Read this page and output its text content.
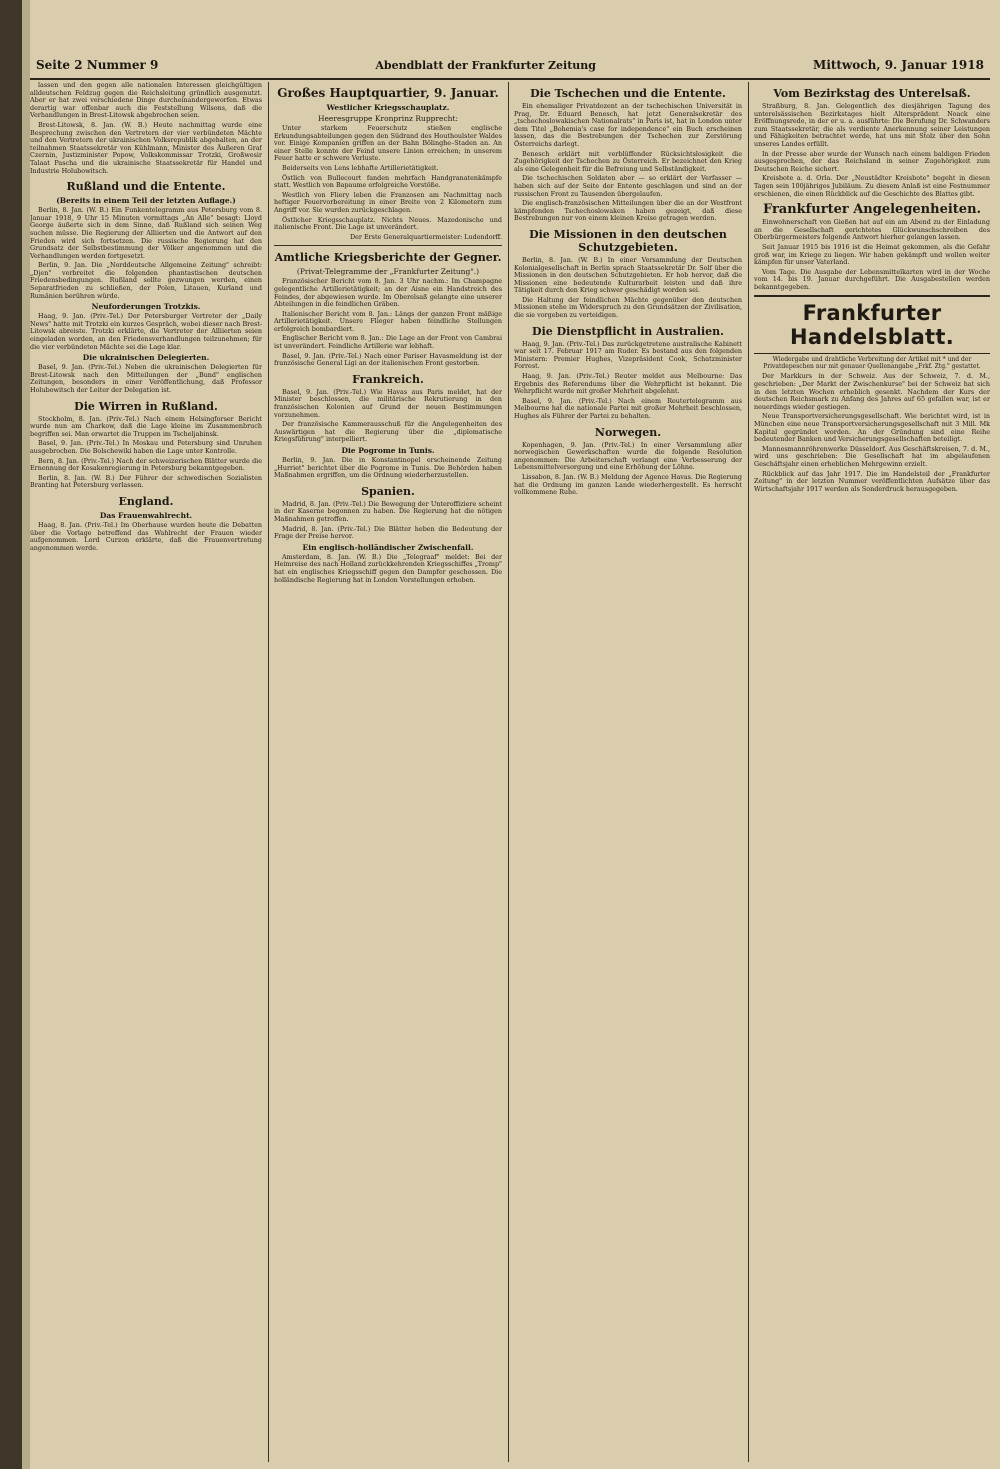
Seite 2 Nummer 9	Abendblatt der Frankfurter Zeitung	Mittwoch, 9. Januar 1918

lassen und den gegen alle nationalen Interessen gleichgültigen alldeutschen Feldzug gegen die Reichsleitung gründlich ausgenutzt. Aber er hat zwei verschiedene Dinge durcheinandergeworfen. Etwas derartig war offenbar auch die Feststellung Wilsons, daß die Verhandlungen in Brest-Litowsk abgebrochen seien.

Brest-Litowsk, 8. Jan. (W. B.) Heute nachmittag wurde eine Besprechung zwischen den Vertretern der vier verbündeten Mächte und den Vertretern der ukrainischen Volksrepublik abgehalten, an der teilnahmen Staatssekretär von Kühlmann, Minister des Äußeren Graf Czernin, Justizminister Popow, Volkskommissar Trotzki, Großwesir Talaat Pascha und die ukrainische Staatssekretär für Handel und Industrie Holubowitsch.

Rußland und die Entente.
(Bereits in einem Teil der letzten Auflage.)

Berlin, 8. Jan. (W. B.) Ein Funkentelegramm aus Petersburg vom 8. Januar 1918, 9 Uhr 15 Minuten vormittags „An Alle" besagt: Lloyd George äußerte sich in dem Sinne, daß Rußland sich seinen Weg suchen müsse. Die Regierung der Alliierten und die Antwort auf den Frieden wird sich fortsetzen. Die russische Regierung hat den Grundsatz der Selbstbestimmung der Völker angenommen und die Verhandlungen werden fortgesetzt.

Berlin, 9. Jan. Die „Norddeutsche Allgemeine Zeitung" schreibt: „Djen" verbreitet die folgenden phantastischen deutschen Friedensbedingungen. Rußland sollte gezwungen werden, einen Separatfrieden zu schließen, der Polen, Litauen, Kurland und Rumänien berühren würde.

Neuforderungen Trotzkis.

Haag, 9. Jan. (Priv.-Tel.) Der Petersburger Vertreter der „Daily News" hatte mit Trotzki ein kurzes Gespräch, wobei dieser nach Brest-Litowsk abreiste. Trotzki erklärte, die Vertreter der Alliierten seien eingeladen worden, an den Friedensverhandlungen teilzunehmen; für die vier verbündeten Mächte sei die Lage klar.

Die ukrainischen Delegierten.

Basel, 9. Jan. (Priv.-Tel.) Neben die ukrainischen Delegierten für Brest-Litowsk nach den Mitteilungen der „Bund" englischen Zeitungen, besonders in einer Veröffentlichung, daß Professor Holubowitsch der Leiter der Delegation ist.

Die Wirren in Rußland.

Stockholm, 8. Jan. (Priv.-Tel.) Nach einem Helsingforser Bericht wurde nun am Charkow, daß die Lage kleine im Zusammenbruch begriffen sei. Man erwartet die Truppen im Tscheljabinsk.

Basel, 9. Jan. (Priv.-Tel.) In Moskau und Petersburg sind Unruhen ausgebrochen. Die Bolschewiki haben die Lage unter Kontrolle.

Bern, 8. Jan. (Priv.-Tel.) Nach der schweizerischen Blätter wurde die Ernennung der Kosakenregierung in Petersburg bekanntgegeben.

Berlin, 8. Jan. (W. B.) Der Führer der schwedischen Sozialisten Branting hat Petersburg verlassen.

England.
Das Frauenwahlrecht.

Haag, 8. Jan. (Priv.-Tel.) Im Oberhause wurden heute die Debatten über die Vorlage betreffend das Wahlrecht der Frauen wieder aufgenommen. Lord Curzon erklärte, daß die Frauenvertretung angenommen werde.

Großes Hauptquartier, 9. Januar.
Westlicher Kriegsschauplatz.
Heeresgruppe Kronprinz Rupprecht:

Unter starkem Feuerschutz stießen englische Erkundungsabteilungen gegen den Südrand des Houthoulster Waldes vor. Einige Kompanien griffen an der Bahn Bölinghe–Staden an. An einer Stelle konnte der Feind unsere Linien erreichen; in unserem Feuer hatte er schwere Verluste.

Beiderseits von Lens lebhafte Artillerietätigkeit.

Östlich von Bullecourt fanden mehrfach Handgranatenkämpfe statt. Westlich von Bapaume erfolgreiche Vorstöße.

Westlich von Fliery leben die Franzosen am Nachmittag nach heftiger Feuervorbereitung in einer Breite von 2 Kilometern zum Angriff vor. Sie wurden zurückgeschlagen.

Östlicher Kriegsschauplatz. Nichts Neues. Mazedonische und italienische Front. Die Lage ist unverändert.

Der Erste Generalquartiermeister: Ludendorff.

Amtliche Kriegsberichte der Gegner.
(Privat-Telegramme der „Frankfurter Zeitung".)

Französischer Bericht vom 8. Jan. 3 Uhr nachm.: Im Champagne gelegentliche Artillerietätigkeit; an der Aisne ein Handstreich des Feindes, der abgewiesen wurde. Im Oberelsaß gelangte eine unserer Abteilungen in die feindlichen Gräben.

Italienischer Bericht vom 8. Jan.: Längs der ganzen Front mäßige Artillerietätigkeit. Unsere Flieger haben feindliche Stellungen erfolgreich bombardiert.

Englischer Bericht vom 8. Jan.: Die Lage an der Front von Cambrai ist unverändert. Feindliche Artillerie war lebhaft.

Basel, 9. Jan. (Priv.-Tel.) Nach einer Pariser Havasmeldung ist der französische General Ligi an der italienischen Front gestorben.

Frankreich.

Basel, 9. Jan. (Priv.-Tel.) Wie Havas aus Paris meldet, hat der Minister beschlossen, die militärische Rekrutierung in den französischen Kolonien auf Grund der neuen Bestimmungen vorzunehmen.

Der französische Kammerausschuß für die Angelegenheiten des Auswärtigen hat die Regierung über die „diplomatische Kriegsführung" interpelliert.

Die Pogrome in Tunis.

Berlin, 9. Jan. Die in Konstantinopel erscheinende Zeitung „Hurriet" berichtet über die Pogrome in Tunis. Die Behörden haben Maßnahmen ergriffen, um die Ordnung wiederherzustellen.

Spanien.

Madrid, 8. Jan. (Priv.-Tel.) Die Bewegung der Unteroffiziere scheint in der Kaserne begonnen zu haben. Die Regierung hat die nötigen Maßnahmen getroffen.

Madrid, 8. Jan. (Priv.-Tel.) Die Blätter heben die Bedeutung der Frage der Preise hervor.

Ein englisch-holländischer Zwischenfall.

Amsterdam, 8. Jan. (W. B.) Die „Telegraaf" meldet: Bei der Heimreise des nach Holland zurückkehrenden Kriegsschiffes „Tromp" hat ein englisches Kriegsschiff gegen den Dampfer geschossen. Die holländische Regierung hat in London Vorstellungen erhoben.

Die Tschechen und die Entente.

Ein ehemaliger Privatdozent an der tschechischen Universität in Prag, Dr. Eduard Benesch, hat jetzt Generalsekretär des „tschechoslowakischen Nationalrats" in Paris ist, hat in London unter dem Titel „Bohemia's case for independence" ein Buch erscheinen lassen, das die Bestrebungen der Tschechen zur Zerstörung Österreichs darlegt.

Benesch erklärt mit verblüffender Rücksichtslosigkeit die Zugehörigkeit der Tschechen zu Österreich. Er bezeichnet den Krieg als eine Gelegenheit für die Befreiung und Selbständigkeit.

Die tschechischen Soldaten aber — so erklärt der Verfasser — haben sich auf der Seite der Entente geschlagen und sind an der russischen Front zu Tausenden übergelaufen.

Die englisch-französischen Mitteilungen über die an der Westfront kämpfenden Tschechoslowaken haben gezeigt, daß diese Bestrebungen nur von einem kleinen Kreise getragen werden.

Die Missionen in den deutschen Schutzgebieten.

Berlin, 8. Jan. (W. B.) In einer Versammlung der Deutschen Kolonialgesellschaft in Berlin sprach Staatssekretär Dr. Solf über die Missionen in den deutschen Schutzgebieten. Er hob hervor, daß die Missionen eine bedeutende Kulturarbeit leisten und daß ihre Tätigkeit durch den Krieg schwer geschädigt worden sei.

Die Haltung der feindlichen Mächte gegenüber den deutschen Missionen stehe im Widerspruch zu den Grundsätzen der Zivilisation, die sie vorgeben zu verteidigen.

Die Dienstpflicht in Australien.

Haag, 9. Jan. (Priv.-Tel.) Das zurückgetretene australische Kabinett war seit 17. Februar 1917 am Ruder. Es bestand aus den folgenden Ministern: Premier Hughes, Vizepräsident Cook, Schatzminister Forrest.

Haag, 9. Jan. (Priv.-Tel.) Reuter meldet aus Melbourne: Das Ergebnis des Referendums über die Wehrpflicht ist bekannt. Die Wehrpflicht wurde mit großer Mehrheit abgelehnt.

Basel, 9. Jan. (Priv.-Tel.) Nach einem Reutertelegramm aus Melbourne hat die nationale Partei mit großer Mehrheit beschlossen, Hughes als Führer der Partei zu behalten.

Norwegen.

Kopenhagen, 9. Jan. (Priv.-Tel.) In einer Versammlung aller norwegischen Gewerkschaften wurde die folgende Resolution angenommen: Die Arbeiterschaft verlangt eine Verbesserung der Lebensmittelversorgung und eine Erhöhung der Löhne.

Lissabon, 8. Jan. (W. B.) Meldung der Agence Havas. Die Regierung hat die Ordnung im ganzen Lande wiederhergestellt. Es herrscht vollkommene Ruhe.

Vom Bezirkstag des Unterelsaß.

Straßburg, 8. Jan. Gelegentlich des diesjährigen Tagung des unterelsässischen Bezirkstages hielt Altersprädent Noack eine Eröffnungsrede, in der er u. a. ausführte: Die Berufung Dr. Schwanders zum Staatssekretär, die als verdiente Anerkennung seiner Leistungen und Fähigkeiten betrachtet werde, hat uns mit Stolz über den Sohn unseres Landes erfüllt.

In der Presse aber wurde der Wunsch nach einem baldigen Frieden ausgesprochen, der das Reichsland in seiner Zugehörigkeit zum Deutschen Reiche sichert.

Kreisbote a. d. Orla. Der „Neustädter Kreisbote" begeht in diesen Tagen sein 100jähriges Jubiläum. Zu diesem Anlaß ist eine Festnummer erschienen, die einen Rückblick auf die Geschichte des Blattes gibt.

Frankfurter Angelegenheiten.

Einwohnerschaft von Gießen hat auf ein am Abend zu der Einladung an die Gesellschaft gerichtetes Glückwunschschreiben des Oberbürgermeisters folgende Antwort hierher gelangen lassen.

Seit Januar 1915 bis 1916 ist die Heimat gekommen, als die Gefahr groß war, im Kriege zu liegen. Wir haben gekämpft und wollen weiter kämpfen für unser Vaterland.

Vom Tage. Die Ausgabe der Lebensmittelkarten wird in der Woche vom 14. bis 19. Januar durchgeführt. Die Ausgabestellen werden bekanntgegeben.

Frankfurter Handelsblatt.
Wiedergabe und drahtliche Verbreitung der Artikel mit * und der Privatdepeschen nur mit genauer Quellenangabe „Frkf. Ztg." gestattet.

Der Markkurs in der Schweiz. Aus der Schweiz, 7. d. M., geschrieben: „Der Markt der Zwischenkurse" bei der Schweiz hat sich in den letzten Wochen erheblich gesenkt. Nachdem der Kurs der deutschen Reichsmark zu Anfang des Jahres auf 65 gefallen war, ist er neuerdings wieder gestiegen.

Neue Transportversicherungsgesellschaft. Wie berichtet wird, ist in München eine neue Transportversicherungsgesellschaft mit 3 Mill. Mk Kapital gegründet worden. An der Gründung sind eine Reihe bedeutender Banken und Versicherungsgesellschaften beteiligt.

Mannesmannröhrenwerke Düsseldorf. Aus Geschäftskreisen, 7. d. M., wird uns geschrieben: Die Gesellschaft hat im abgelaufenen Geschäftsjahr einen erheblichen Mehrgewinn erzielt.

Rückblick auf das Jahr 1917. Die im Handelsteil der „Frankfurter Zeitung" in der letzten Nummer veröffentlichten Aufsätze über das Wirtschaftsjahr 1917 werden als Sonderdruck herausgegeben.
